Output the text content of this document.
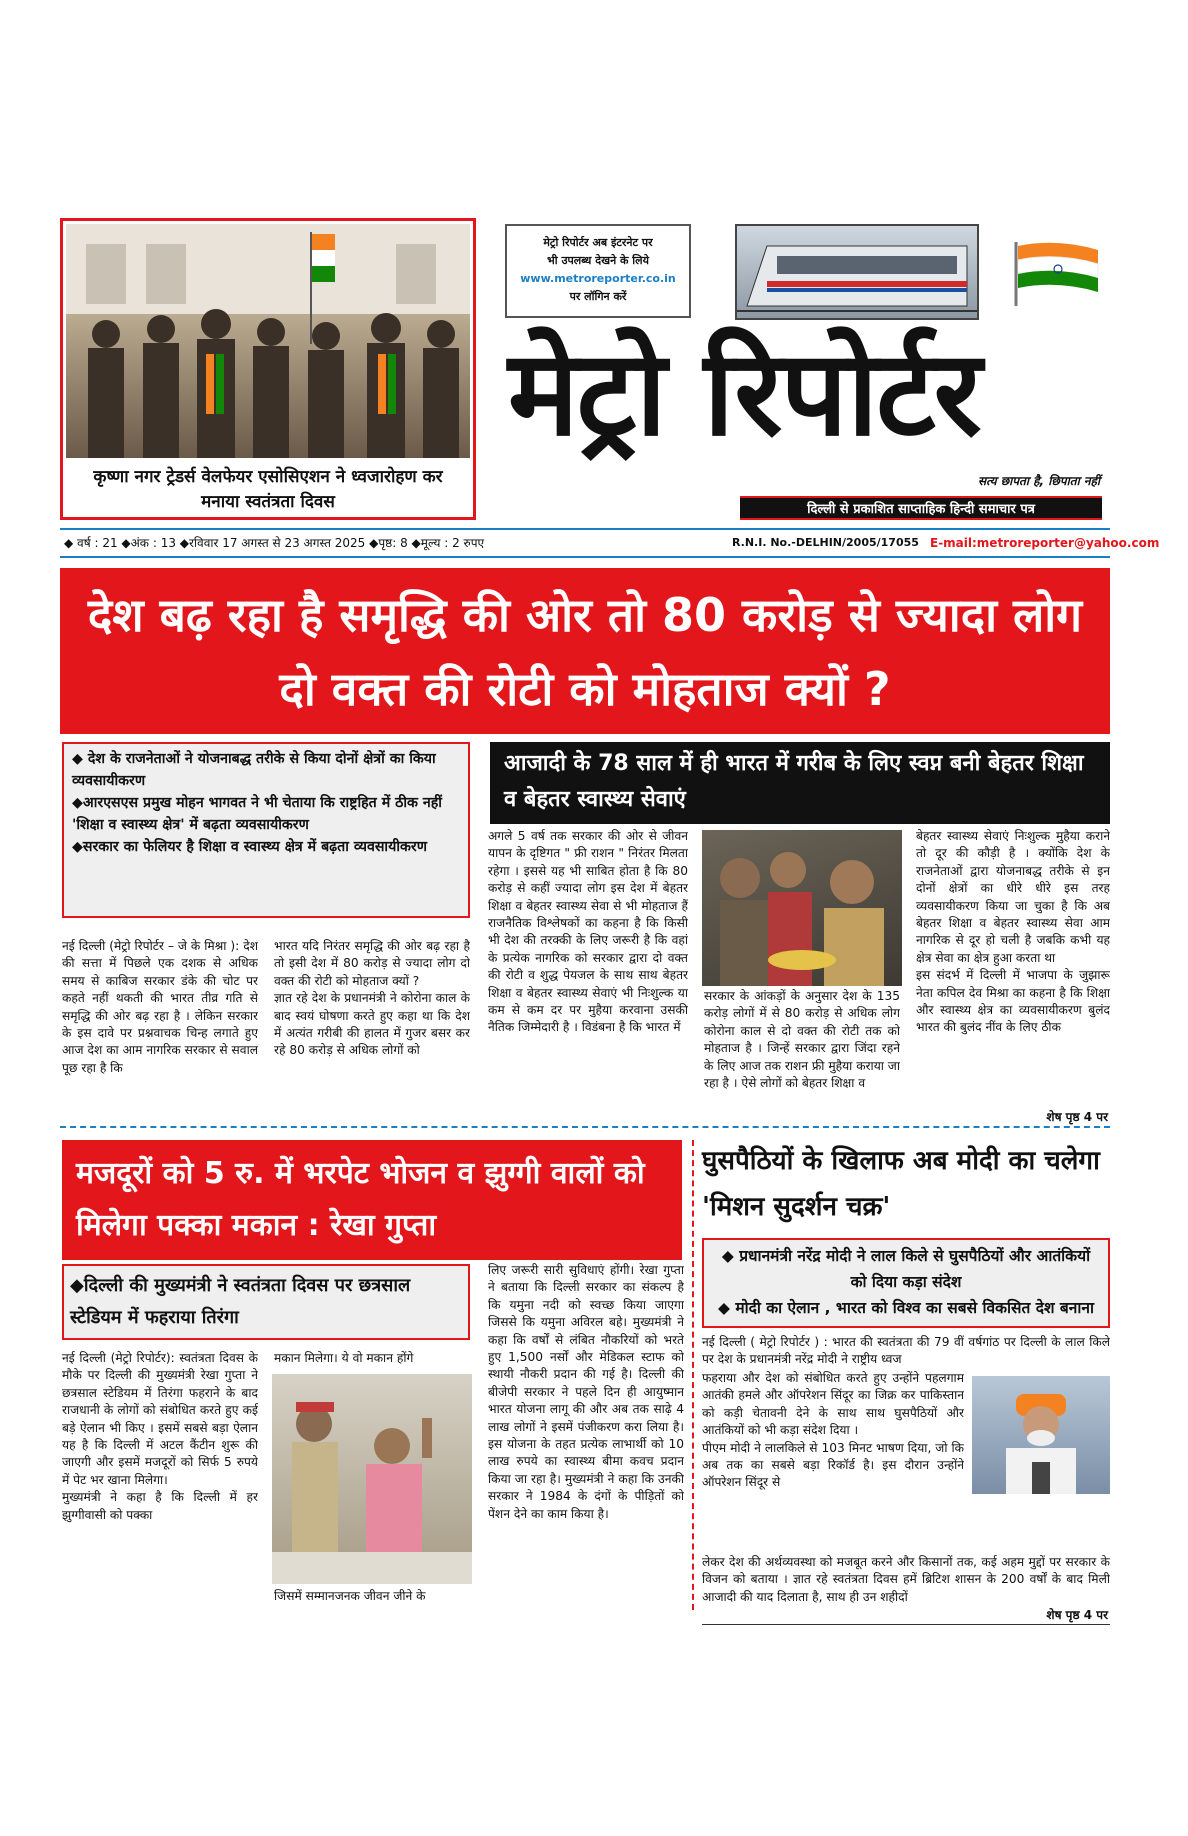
कृष्णा नगर ट्रेडर्स वेलफेयर एसोसिएशन ने ध्वजारोहण कर मनाया स्वतंत्रता दिवस
मेट्रो रिपोर्टर अब इंटरनेट पर
भी उपलब्ध देखने के लिये
www.metroreporter.co.in
पर लॉगिन करें
मेट्रो रिपोर्टर
सत्य छापता है, छिपाता नहीं
दिल्ली से प्रकाशित साप्ताहिक हिन्दी समाचार पत्र
◆ वर्ष : 21 ◆अंक : 13 ◆रविवार 17 अगस्त से 23 अगस्त 2025 ◆पृष्ठ: 8 ◆मूल्य : 2 रुपए	R.N.I. No.-DELHIN/2005/17055 E-mail:metroreporter@yahoo.com
देश बढ़ रहा है समृद्धि की ओर तो 80 करोड़ से ज्यादा लोग दो वक्त की रोटी को मोहताज क्यों ?
◆ देश के राजनेताओं ने योजनाबद्ध तरीके से किया दोनों क्षेत्रों का किया व्यवसायीकरण
◆आरएसएस प्रमुख मोहन भागवत ने भी चेताया कि राष्ट्रहित में ठीक नहीं 'शिक्षा व स्वास्थ्य क्षेत्र' में बढ़ता व्यवसायीकरण
◆सरकार का फेलियर है शिक्षा व स्वास्थ्य क्षेत्र में बढ़ता व्यवसायीकरण
आजादी के 78 साल में ही भारत में गरीब के लिए स्वप्न बनी बेहतर शिक्षा व बेहतर स्वास्थ्य सेवाएं
नई दिल्ली (मेट्रो रिपोर्टर – जे के मिश्रा ): देश की सत्ता में पिछले एक दशक से अधिक समय से काबिज सरकार डंके की चोट पर कहते नहीं थकती की भारत तीव्र गति से समृद्धि की ओर बढ़ रहा है । लेकिन सरकार के इस दावे पर प्रश्नवाचक चिन्ह लगाते हुए आज देश का आम नागरिक सरकार से सवाल पूछ रहा है कि
भारत यदि निरंतर समृद्धि की ओर बढ़ रहा है तो इसी देश में 80 करोड़ से ज्यादा लोग दो वक्त की रोटी को मोहताज क्यों ?
ज्ञात रहे देश के प्रधानमंत्री ने कोरोना काल के बाद स्वयं घोषणा करते हुए कहा था कि देश में अत्यंत गरीबी की हालत में गुजर बसर कर रहे 80 करोड़ से अधिक लोगों को
अगले 5 वर्ष तक सरकार की ओर से जीवन यापन के दृष्टिगत " फ्री राशन " निरंतर मिलता रहेगा । इससे यह भी साबित होता है कि 80 करोड़ से कहीं ज्यादा लोग इस देश में बेहतर शिक्षा व बेहतर स्वास्थ्य सेवा से भी मोहताज हैं राजनैतिक विश्लेषकों का कहना है कि किसी भी देश की तरक्की के लिए जरूरी है कि वहां के प्रत्येक नागरिक को सरकार द्वारा दो वक्त की रोटी व शुद्ध पेयजल के साथ साथ बेहतर शिक्षा व बेहतर स्वास्थ्य सेवाएं भी निःशुल्क या कम से कम दर पर मुहैया करवाना उसकी नैतिक जिम्मेदारी है । विडंबना है कि भारत में
सरकार के आंकड़ों के अनुसार देश के 135 करोड़ लोगों में से 80 करोड़ से अधिक लोग कोरोना काल से दो वक्त की रोटी तक को मोहताज है । जिन्हें सरकार द्वारा जिंदा रहने के लिए आज तक राशन फ्री मुहैया कराया जा रहा है । ऐसे लोगों को बेहतर शिक्षा व
बेहतर स्वास्थ्य सेवाएं निःशुल्क मुहैया कराने तो दूर की कौड़ी है । क्योंकि देश के राजनेताओं द्वारा योजनाबद्ध तरीके से इन दोनों क्षेत्रों का धीरे धीरे इस तरह व्यवसायीकरण किया जा चुका है कि अब बेहतर शिक्षा व बेहतर स्वास्थ्य सेवा आम नागरिक से दूर हो चली है जबकि कभी यह क्षेत्र सेवा का क्षेत्र हुआ करता था
इस संदर्भ में दिल्ली में भाजपा के जुझारू नेता कपिल देव मिश्रा का कहना है कि शिक्षा और स्वास्थ्य क्षेत्र का व्यवसायीकरण बुलंद भारत की बुलंद नींव के लिए ठीक
शेष पृष्ठ 4 पर
मजदूरों को 5 रु. में भरपेट भोजन व झुग्गी वालों को मिलेगा पक्का मकान : रेखा गुप्ता
◆दिल्ली की मुख्यमंत्री ने स्वतंत्रता दिवस पर छत्रसाल स्टेडियम में फहराया तिरंगा
नई दिल्ली (मेट्रो रिपोर्टर): स्वतंत्रता दिवस के मौके पर दिल्ली की मुख्यमंत्री रेखा गुप्ता ने छत्रसाल स्टेडियम में तिरंगा फहराने के बाद राजधानी के लोगों को संबोधित करते हुए कई बड़े ऐलान भी किए । इसमें सबसे बड़ा ऐलान यह है कि दिल्ली में अटल कैंटीन शुरू की जाएगी और इसमें मजदूरों को सिर्फ 5 रुपये में पेट भर खाना मिलेगा।
मुख्यमंत्री ने कहा है कि दिल्ली में हर झुग्गीवासी को पक्का
मकान मिलेगा। ये वो मकान होंगे
जिसमें सम्मानजनक जीवन जीने के
लिए जरूरी सारी सुविधाएं होंगी। रेखा गुप्ता ने बताया कि दिल्ली सरकार का संकल्प है कि यमुना नदी को स्वच्छ किया जाएगा जिससे कि यमुना अविरल बहे। मुख्यमंत्री ने कहा कि वर्षों से लंबित नौकरियों को भरते हुए 1,500 नर्सों और मेडिकल स्टाफ को स्थायी नौकरी प्रदान की गई है। दिल्ली की बीजेपी सरकार ने पहले दिन ही आयुष्मान भारत योजना लागू की और अब तक साढ़े 4 लाख लोगों ने इसमें पंजीकरण करा लिया है। इस योजना के तहत प्रत्येक लाभार्थी को 10 लाख रुपये का स्वास्थ्य बीमा कवच प्रदान किया जा रहा है। मुख्यमंत्री ने कहा कि उनकी सरकार ने 1984 के दंगों के पीड़ितों को पेंशन देने का काम किया है।
घुसपैठियों के खिलाफ अब मोदी का चलेगा 'मिशन सुदर्शन चक्र'
◆ प्रधानमंत्री नरेंद्र मोदी ने लाल किले से घुसपैठियों और आतंकियों को दिया कड़ा संदेश
◆ मोदी का ऐलान , भारत को विश्व का सबसे विकसित देश बनाना
नई दिल्ली ( मेट्रो रिपोर्टर ) : भारत की स्वतंत्रता की 79 वीं वर्षगांठ पर दिल्ली के लाल किले पर देश के प्रधानमंत्री नरेंद्र मोदी ने राष्ट्रीय ध्वज
फहराया और देश को संबोधित करते हुए उन्होंने पहलगाम आतंकी हमले और ऑपरेशन सिंदूर का जिक्र कर पाकिस्तान को कड़ी चेतावनी देने के साथ साथ घुसपैठियों और आतंकियों को भी कड़ा संदेश दिया ।
पीएम मोदी ने लालकिले से 103 मिनट भाषण दिया, जो कि अब तक का सबसे बड़ा रिकॉर्ड है। इस दौरान उन्होंने ऑपरेशन सिंदूर से
लेकर देश की अर्थव्यवस्था को मजबूत करने और किसानों तक, कई अहम मुद्दों पर सरकार के विजन को बताया । ज्ञात रहे स्वतंत्रता दिवस हमें ब्रिटिश शासन के 200 वर्षों के बाद मिली आजादी की याद दिलाता है, साथ ही उन शहीदों
शेष पृष्ठ 4 पर
